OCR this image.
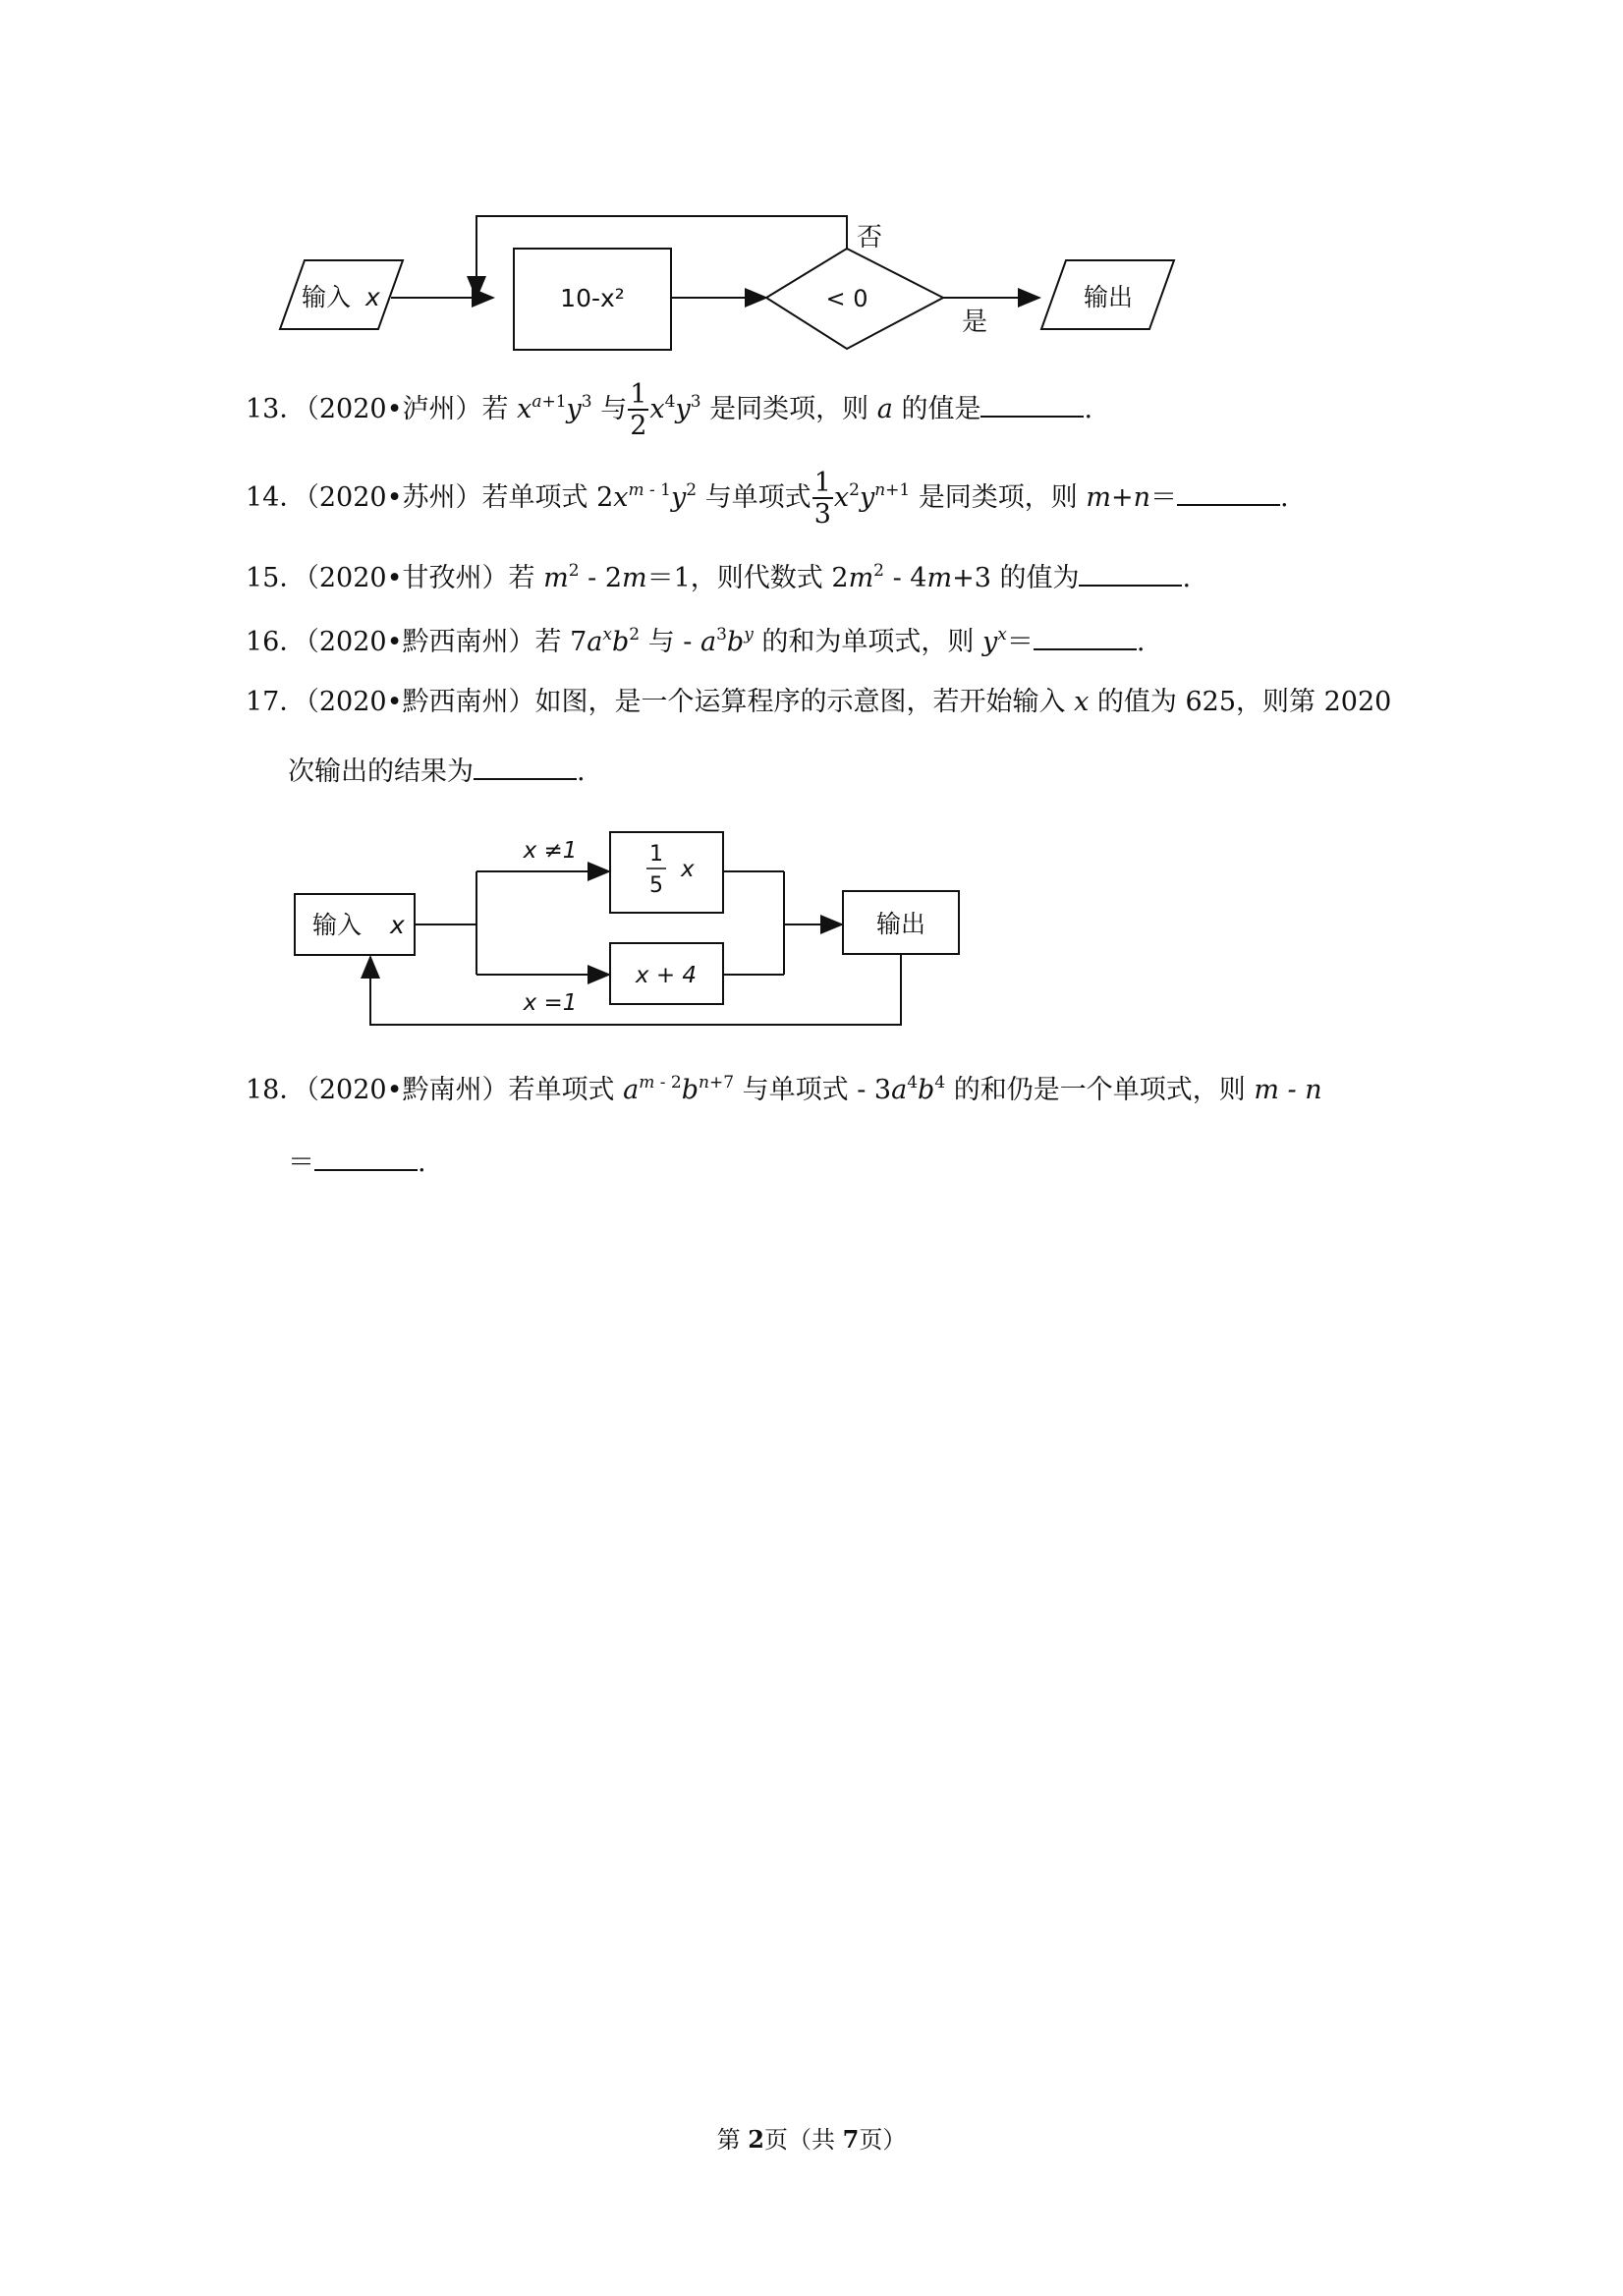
输入 x	10-x²	< 0
否
是
输出
13．（2020•泸州）若 $x^{a+1}y^3$ 与 $\frac{1}{2} x^4y^3$ 是同类项，则 a 的值是	.
14．（2020•苏州）若单项式 $2x^{m - 1}y^2$ 与单项式 $\frac{1}{3} x^2y^{n+1}$ 是同类项，则 m+n＝	.
15．（2020•甘孜州）若 $m^2 - 2m=1$，则代数式 $2m^2 - 4m+3$ 的值为	.
16．（2020•黔西南州）若 $7a^xb^2$ 与 - $a^3b^y$ 的和为单项式，则 $y^x=$	.
17．（2020•黔西南州）如图，是一个运算程序的示意图，若开始输入 x 的值为 625，则第 2020
次输出的结果为	.
输入 x
x ≠1
x =1
1
5
x
x + 4
输出
18．（2020•黔南州）若单项式 $a^{m - 2}b^{n+7}$ 与单项式 - $3a^4b^4$ 的和仍是一个单项式，则 m - n
＝	.
第 2页（共 7页）
